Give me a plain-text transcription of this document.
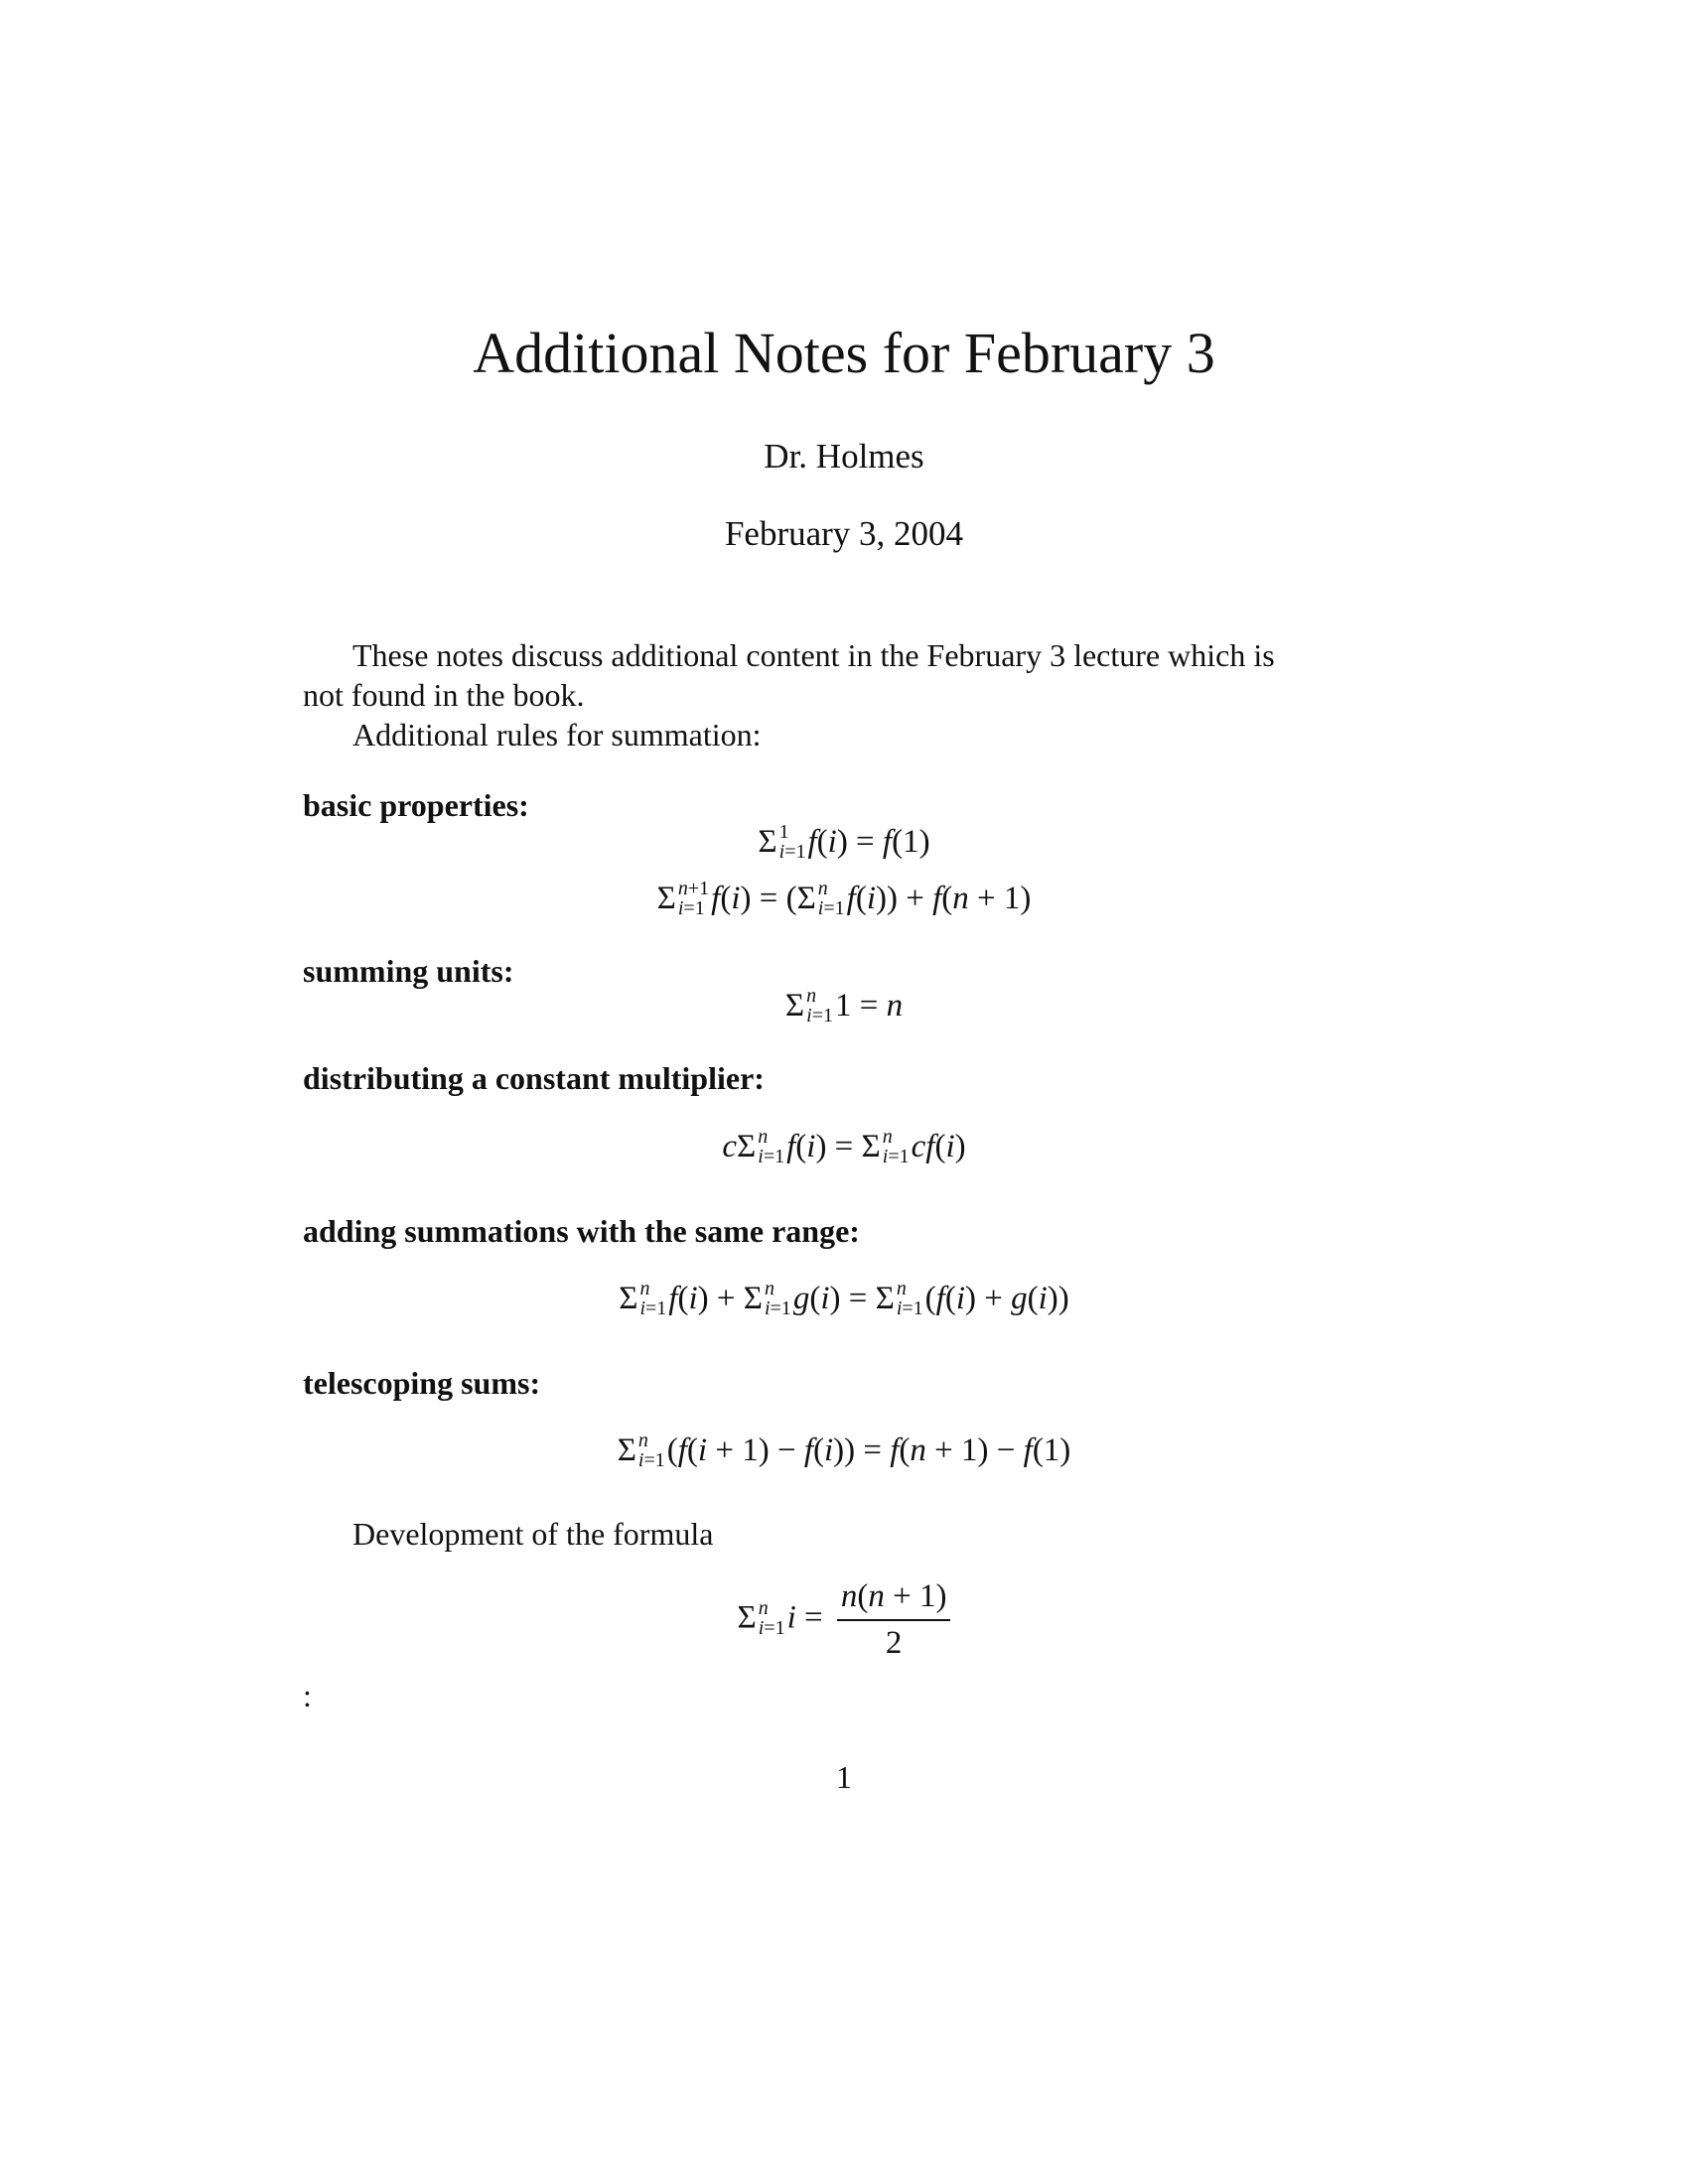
Additional Notes for February 3
Dr. Holmes
February 3, 2004
These notes discuss additional content in the February 3 lecture which is
not found in the book.
Additional rules for summation:
basic properties:
Σ 1
i=1 f(i) = f(1)
Σ n+1
i=1 f(i) = (Σ n
i=1 f(i)) + f(n + 1)
summing units:
Σ n
i=1 1 = n
distributing a constant multiplier:
cΣ n
i=1 f(i) = Σ n
i=1 cf(i)
adding summations with the same range:
Σ n
i=1 f(i) + Σ n
i=1 g(i) = Σ n
i=1 (f(i) + g(i))
telescoping sums:
Σ n
i=1 (f(i + 1) − f(i)) = f(n + 1) − f(1)
Development of the formula
Σ n
i=1 $i = \frac{n(n + 1)}{2}$
:
1
